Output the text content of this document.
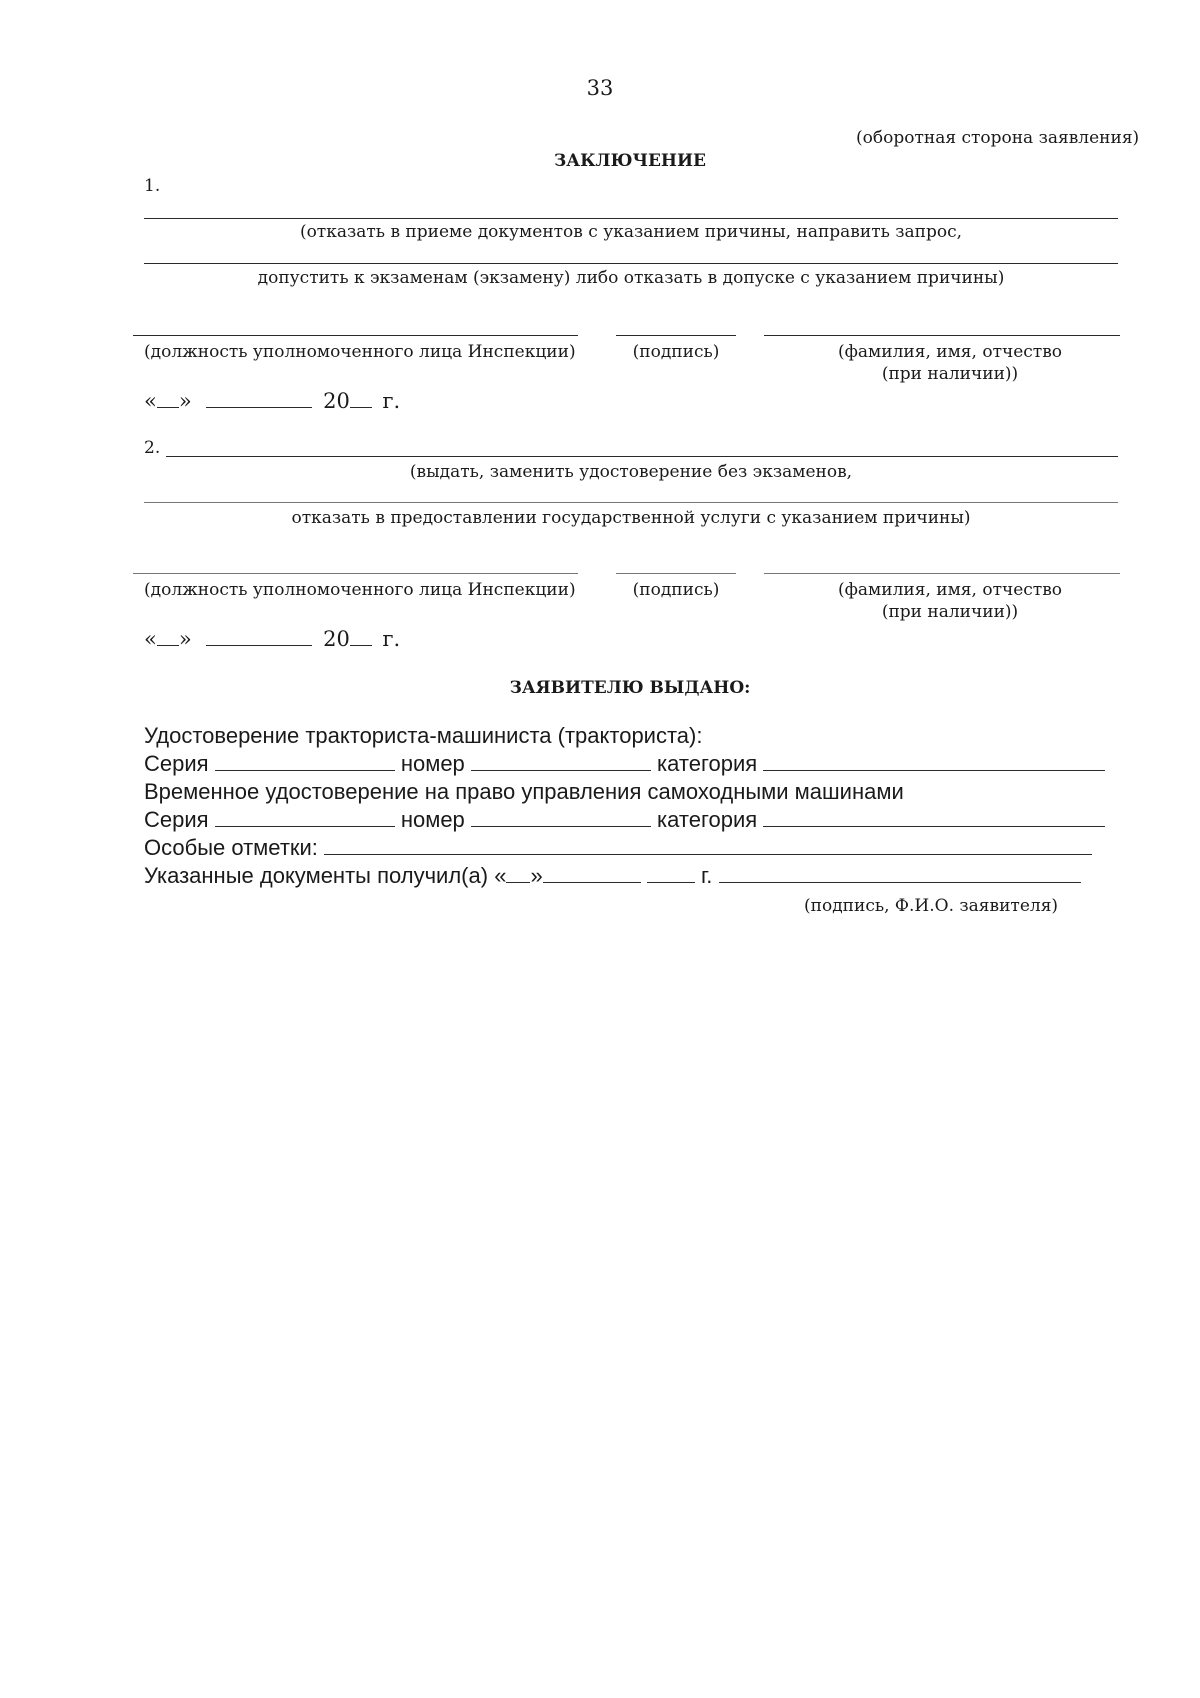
33
(оборотная сторона заявления)
ЗАКЛЮЧЕНИЕ
1.
(отказать в приеме документов с указанием причины, направить запрос,
допустить к экзаменам (экзамену) либо отказать в допуске с указанием причины)
(должность уполномоченного лица Инспекции)	(подпись)	(фамилия, имя, отчество
(при наличии))
« »	20 г.
2.
(выдать, заменить удостоверение без экзаменов,
отказать в предоставлении государственной услуги с указанием причины)
(должность уполномоченного лица Инспекции)	(подпись)	(фамилия, имя, отчество
(при наличии))
« »	20 г.
ЗАЯВИТЕЛЮ ВЫДАНО:
Удостоверение тракториста-машиниста (тракториста):
Серия	номер	категория
Временное удостоверение на право управления самоходными машинами
Серия	номер	категория
Особые отметки:
Указанные документы получил(а) « »	г.
(подпись, Ф.И.О. заявителя)
